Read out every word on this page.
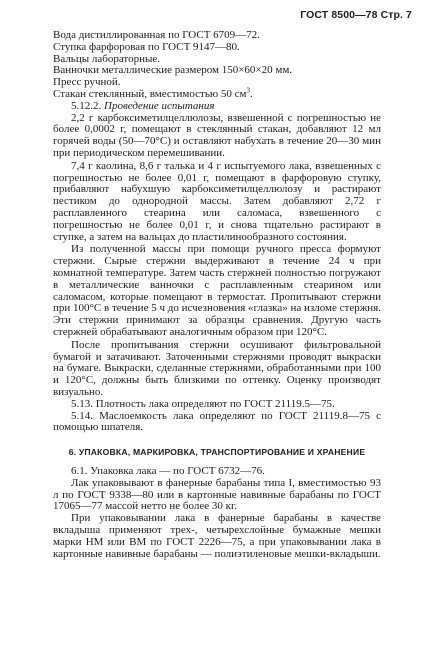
ГОСТ 8500—78 Стр. 7

Вода дистиллированная по ГОСТ 6709—72.

Ступка фарфоровая по ГОСТ 9147—80.

Вальцы лабораторные.

Ванночки металлические размером 150×60×20 мм.

Пресс ручной.

Стакан стеклянный, вместимостью 50 $см^3$.

5.12.2. Проведение испытания

2,2 г карбоксиметилцеллюлозы, взвешенной с погрешностью не более 0,0002 г, помещают в стеклянный стакан, добавляют 12 мл горячей воды (50—70°С) и оставляют набухать в течение 20—30 мин при периодическом перемешивании.

7,4 г каолина, 8,6 г талька и 4 г испытуемого лака, взвешенных с погрешностью не более 0,01 г, помещают в фарфоровую ступку, прибавляют набухшую карбоксиметилцеллюлозу и растирают пестиком до однородной массы. Затем добавляют 2,72 г расплавленного стеарина или саломаса, взвешенного с погрешностью не более 0,01 г, и снова тщательно растирают в ступке, а затем на вальцах до пластилинообразного состояния.

Из полученной массы при помощи ручного пресса формуют стержни. Сырые стержни выдерживают в течение 24 ч при комнатной температуре. Затем часть стержней полностью погружают в металлические ванночки с расплавленным стеарином или саломасом, которые помещают в термостат. Пропитывают стержни при 100°С в течение 5 ч до исчезновения «глазка» на изломе стержня. Эти стержни принимают за образцы сравнения. Другую часть стержней обрабатывают аналогичным образом при 120°С.

После пропитывания стержни осушивают фильтровальной бумагой и затачивают. Заточенными стержнями проводят выкраски на бумаге. Выкраски, сделанные стержнями, обработанными при 100 и 120°С, должны быть близкими по оттенку. Оценку производят визуально.

5.13. Плотность лака определяют по ГОСТ 21119.5—75.

5.14. Маслоемкость лака определяют по ГОСТ 21119.8—75 с помощью шпателя.

6. УПАКОВКА, МАРКИРОВКА, ТРАНСПОРТИРОВАНИЕ И ХРАНЕНИЕ

6.1. Упаковка лака — по ГОСТ 6732—76.

Лак упаковывают в фанерные барабаны типа I, вместимостью 93 л по ГОСТ 9338—80 или в картонные навивные барабаны по ГОСТ 17065—77 массой нетто не более 30 кг.

При упаковывании лака в фанерные барабаны в качестве вкладыша применяют трех-, четырехслойные бумажные мешки марки НМ или ВМ по ГОСТ 2226—75, а при упаковывании лака в картонные навивные барабаны — полиэтиленовые мешки-вкладыши.
